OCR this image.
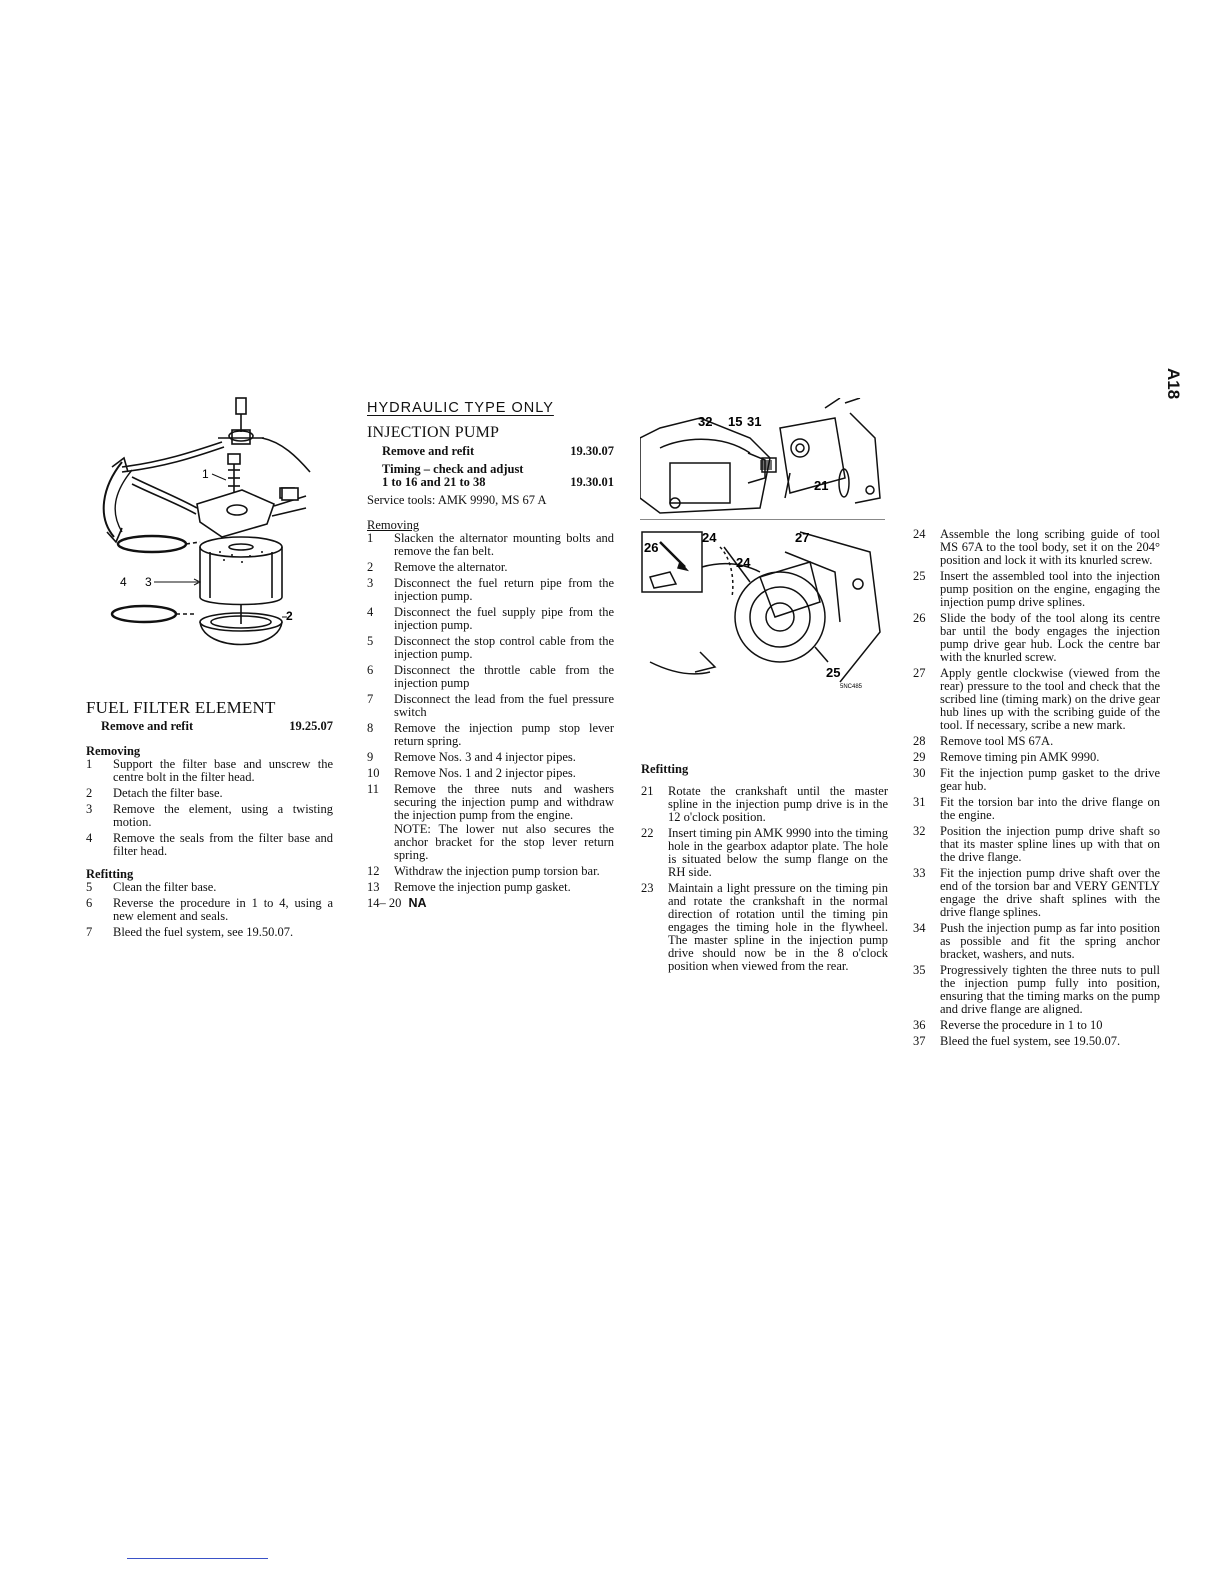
A18
1
2
3
4
FUEL FILTER ELEMENT
Remove and refit	19.25.07
Removing
1	Support the filter base and unscrew the centre bolt in the filter head.
2	Detach the filter base.
3	Remove the element, using a twisting motion.
4	Remove the seals from the filter base and filter head.
Refitting
5	Clean the filter base.
6	Reverse the procedure in 1 to 4, using a new element and seals.
7	Bleed the fuel system, see 19.50.07.
HYDRAULIC TYPE ONLY
INJECTION PUMP
Remove and refit	19.30.07
Timing – check and adjust
1 to 16 and 21 to 38	19.30.01
Service tools: AMK 9990, MS 67 A
Removing
1	Slacken the alternator mounting bolts and remove the fan belt.
2	Remove the alternator.
3	Disconnect the fuel return pipe from the injection pump.
4	Disconnect the fuel supply pipe from the injection pump.
5	Disconnect the stop control cable from the injection pump.
6	Disconnect the throttle cable from the injection pump
7	Disconnect the lead from the fuel pressure switch
8	Remove the injection pump stop lever return spring.
9	Remove Nos. 3 and 4 injector pipes.
10	Remove Nos. 1 and 2 injector pipes.
11	Remove the three nuts and washers securing the injection pump and withdraw the injection pump from the engine.
NOTE: The lower nut also secures the anchor bracket for the stop lever return spring.
12	Withdraw the injection pump torsion bar.
13	Remove the injection pump gasket.
14– 20 NA
32 15 31
21
26
24
24
27
25
5NC485
Refitting
21	Rotate the crankshaft until the master spline in the injection pump drive is in the 12 o'clock position.
22	Insert timing pin AMK 9990 into the timing hole in the gearbox adaptor plate. The hole is situated below the sump flange on the RH side.
23	Maintain a light pressure on the timing pin and rotate the crankshaft in the normal direction of rotation until the timing pin engages the timing hole in the flywheel. The master spline in the injection pump drive should now be in the 8 o'clock position when viewed from the rear.
24	Assemble the long scribing guide of tool MS 67A to the tool body, set it on the 204° position and lock it with its knurled screw.
25	Insert the assembled tool into the injection pump position on the engine, engaging the injection pump drive splines.
26	Slide the body of the tool along its centre bar until the body engages the injection pump drive gear hub. Lock the centre bar with the knurled screw.
27	Apply gentle clockwise (viewed from the rear) pressure to the tool and check that the scribed line (timing mark) on the drive gear hub lines up with the scribing guide of the tool. If necessary, scribe a new mark.
28	Remove tool MS 67A.
29	Remove timing pin AMK 9990.
30	Fit the injection pump gasket to the drive gear hub.
31	Fit the torsion bar into the drive flange on the engine.
32	Position the injection pump drive shaft so that its master spline lines up with that on the drive flange.
33	Fit the injection pump drive shaft over the end of the torsion bar and VERY GENTLY engage the drive shaft splines with the drive flange splines.
34	Push the injection pump as far into position as possible and fit the spring anchor bracket, washers, and nuts.
35	Progressively tighten the three nuts to pull the injection pump fully into position, ensuring that the timing marks on the pump and drive flange are aligned.
36	Reverse the procedure in 1 to 10
37	Bleed the fuel system, see 19.50.07.
